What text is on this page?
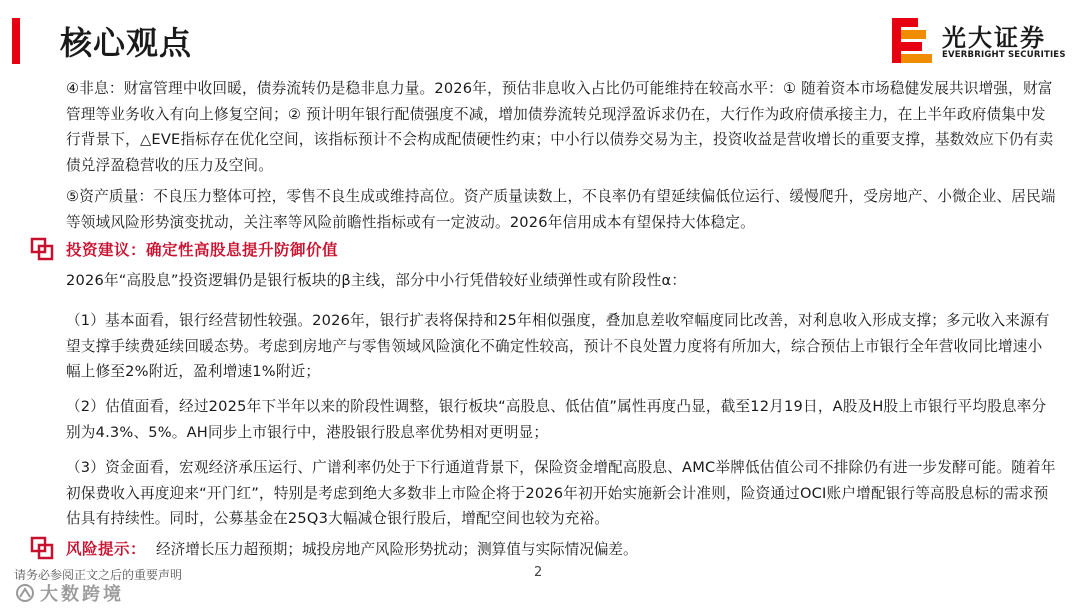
核心观点	光大证券
EVERBRIGHT SECURITIES

④非息：财富管理中收回暖，债券流转仍是稳非息力量。2026年，预估非息收入占比仍可能维持在较高水平：① 随着资本市场稳健发展共识增强，财富管理等业务收入有向上修复空间；② 预计明年银行配债强度不减，增加债券流转兑现浮盈诉求仍在，大行作为政府债承接主力，在上半年政府债集中发行背景下，△EVE指标存在优化空间，该指标预计不会构成配债硬性约束；中小行以债券交易为主，投资收益是营收增长的重要支撑，基数效应下仍有卖债兑浮盈稳营收的压力及空间。

⑤资产质量：不良压力整体可控，零售不良生成或维持高位。资产质量读数上，不良率仍有望延续偏低位运行、缓慢爬升，受房地产、小微企业、居民端等领域风险形势演变扰动，关注率等风险前瞻性指标或有一定波动。2026年信用成本有望保持大体稳定。

投资建议：确定性高股息提升防御价值

2026年“高股息”投资逻辑仍是银行板块的β主线，部分中小行凭借较好业绩弹性或有阶段性α：

（1）基本面看，银行经营韧性较强。2026年，银行扩表将保持和25年相似强度，叠加息差收窄幅度同比改善，对利息收入形成支撑；多元收入来源有望支撑手续费延续回暖态势。考虑到房地产与零售领域风险演化不确定性较高，预计不良处置力度将有所加大，综合预估上市银行全年营收同比增速小幅上修至2%附近，盈利增速1%附近；

（2）估值面看，经过2025年下半年以来的阶段性调整，银行板块“高股息、低估值”属性再度凸显，截至12月19日，A股及H股上市银行平均股息率分别为4.3%、5%。AH同步上市银行中，港股银行股息率优势相对更明显；

（3）资金面看，宏观经济承压运行、广谱利率仍处于下行通道背景下，保险资金增配高股息、AMC举牌低估值公司不排除仍有进一步发酵可能。随着年初保费收入再度迎来“开门红”，特别是考虑到绝大多数非上市险企将于2026年初开始实施新会计准则，险资通过OCI账户增配银行等高股息标的需求预估具有持续性。同时，公募基金在25Q3大幅减仓银行股后，增配空间也较为充裕。

风险提示： 经济增长压力超预期；城投房地产风险形势扰动；测算值与实际情况偏差。
请务必参阅正文之后的重要声明	2
大数跨境
